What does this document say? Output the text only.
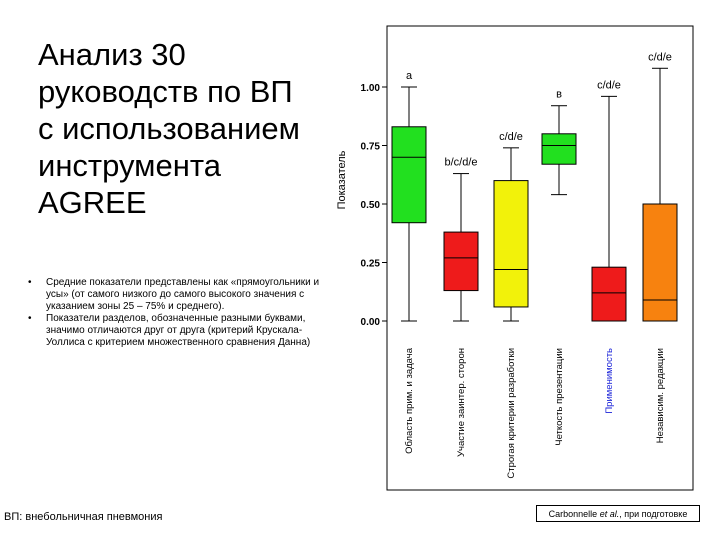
Анализ 30
руководств по ВП
с использованием
инструмента
AGREE
• Средние показатели представлены как «прямоугольники и усы» (от самого низкого до самого высокого значения с указанием зоны 25 – 75% и среднего).
• Показатели разделов, обозначенные разными буквами, значимо отличаются друг от друга (критерий Крускала-Уоллиса с критерием множественного сравнения Данна)
0.00
0.25
0.50
0.75
1.00
a
Область прим. и задача
b/c/d/e
Участие заинтер. сторон
c/d/e
Строгая критерии разработки
в
Четкость презентации
c/d/e
Применимость
c/d/e
Независим. редакции
Показатель
ВП: внебольничная пневмония	Carbonnelle et al., при подготовке
